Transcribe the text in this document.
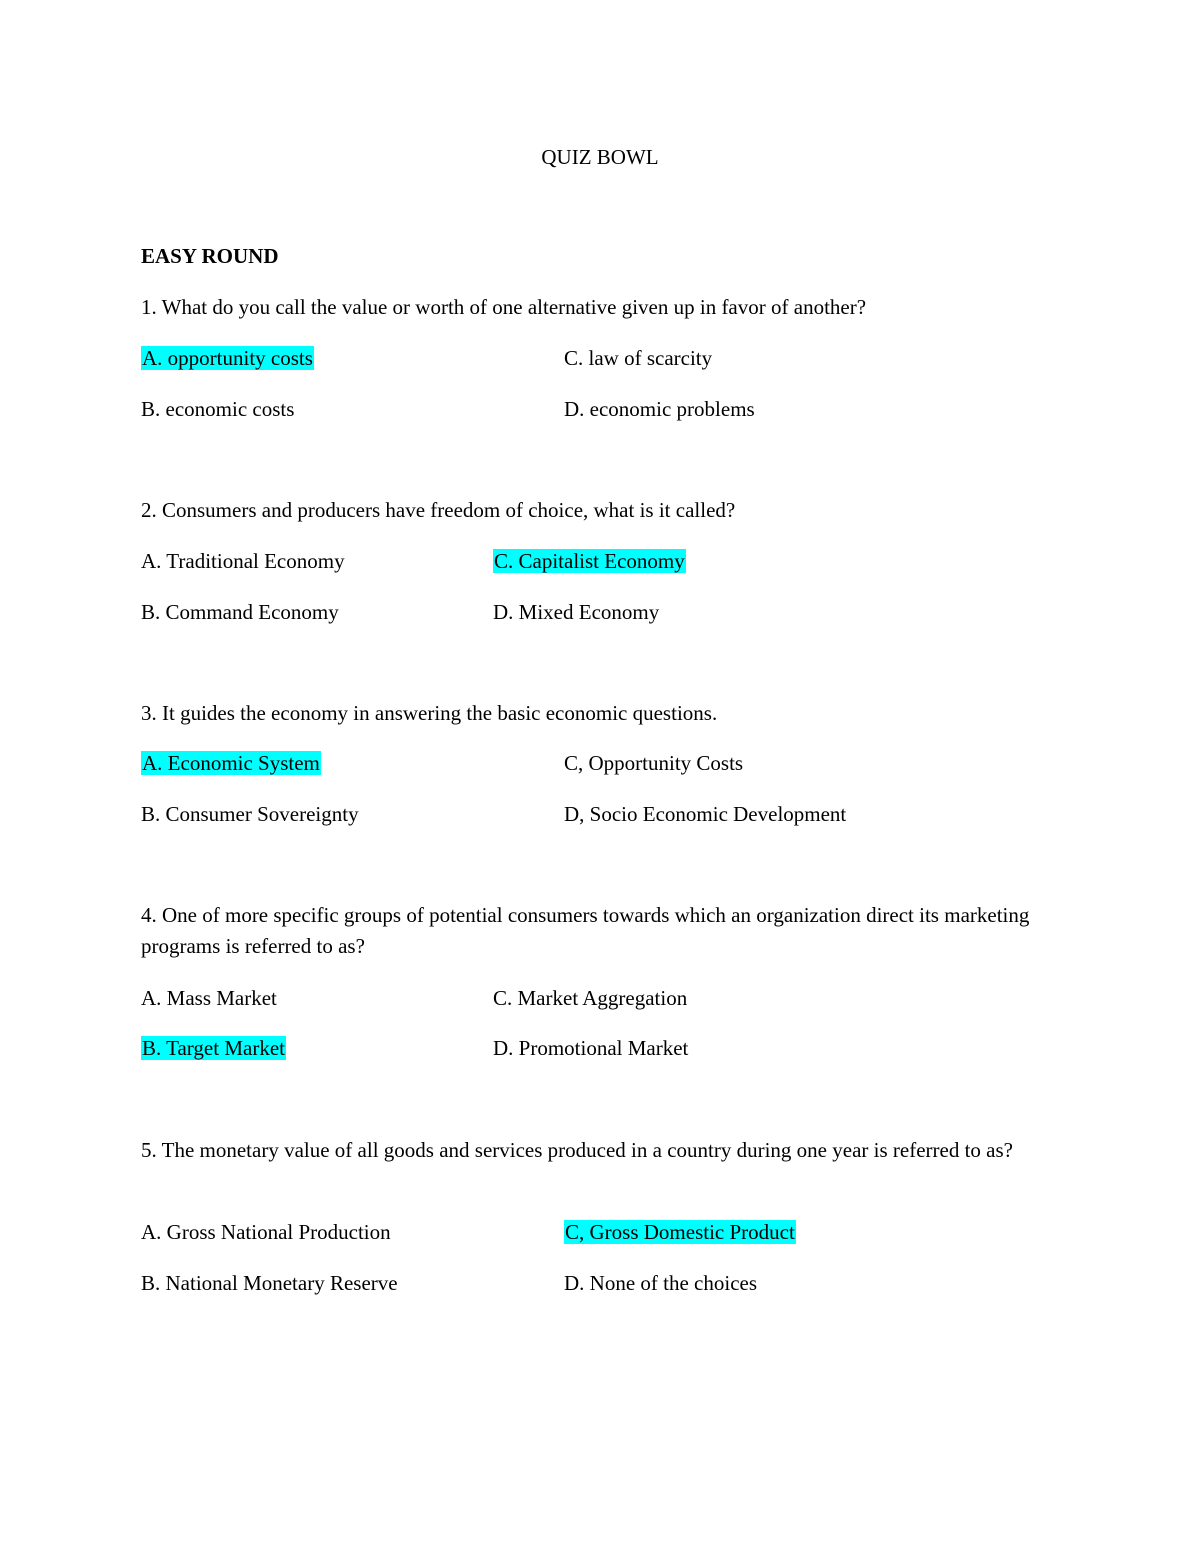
QUIZ BOWL
EASY ROUND
1. What do you call the value or worth of one alternative given up in favor of another?
A. opportunity costs	C. law of scarcity
B. economic costs	D. economic problems
2. Consumers and producers have freedom of choice, what is it called?
A. Traditional Economy	C. Capitalist Economy
B. Command Economy	D. Mixed Economy
3. It guides the economy in answering the basic economic questions.
A. Economic System	C, Opportunity Costs
B. Consumer Sovereignty	D, Socio Economic Development
4. One of more specific groups of potential consumers towards which an organization direct its marketing programs is referred to as?
A. Mass Market	C. Market Aggregation
B. Target Market	D. Promotional Market
5. The monetary value of all goods and services produced in a country during one year is referred to as?
A. Gross National Production	C, Gross Domestic Product
B. National Monetary Reserve	D. None of the choices
